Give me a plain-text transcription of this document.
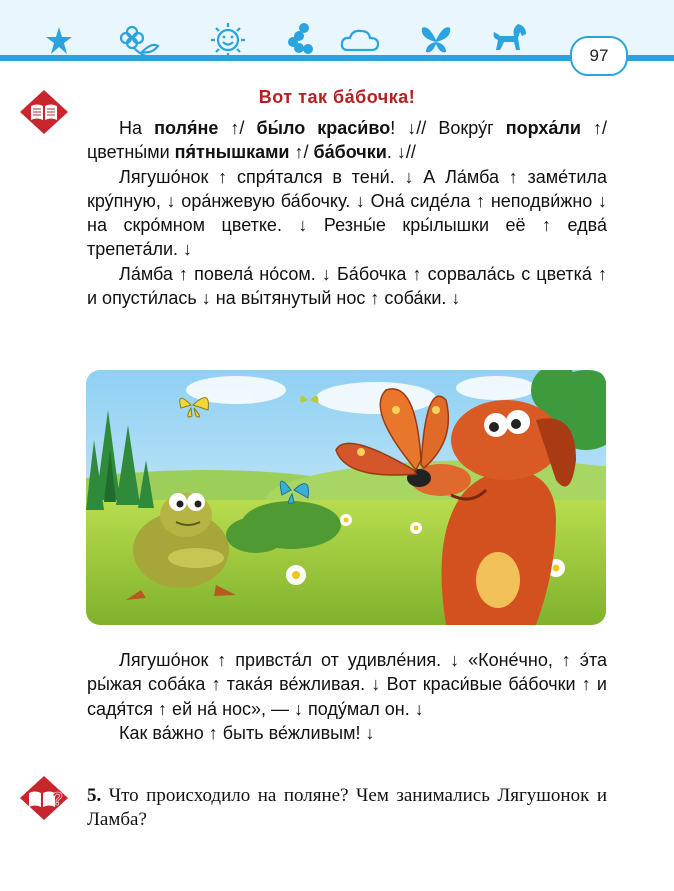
97
Вот так ба́бочка!

На поля́не ↑/ бы́ло краси́во! ↓// Вокру́г порха́ли ↑/ цветны́ми пя́тнышками ↑/ ба́бочки. ↓//

Лягушо́нок ↑ спря́тался в тени́. ↓ А Ла́мба ↑ заме́тила кру́пную, ↓ ора́нжевую ба́бочку. ↓ Она́ сиде́ла ↑ неподви́жно ↓ на скро́мном цветке. ↓ Резны́е кры́лышки её ↑ едва́ трепета́ли. ↓

Ла́мба ↑ повела́ но́сом. ↓ Ба́бочка ↑ сорвала́сь с цветка́ ↑ и опусти́лась ↓ на вы́тянутый нос ↑ соба́ки. ↓

Лягушо́нок ↑ привста́л от удивле́ния. ↓ «Коне́чно, ↑ э́та ры́жая соба́ка ↑ така́я ве́жливая. ↓ Вот краси́вые ба́бочки ↑ и садя́тся ↑ ей на́ нос», — ↓ поду́мал он. ↓

Как ва́жно ↑ быть ве́жливым! ↓

? 5. Что происходило на поляне? Чем занимались Лягушонок и Ламба?
